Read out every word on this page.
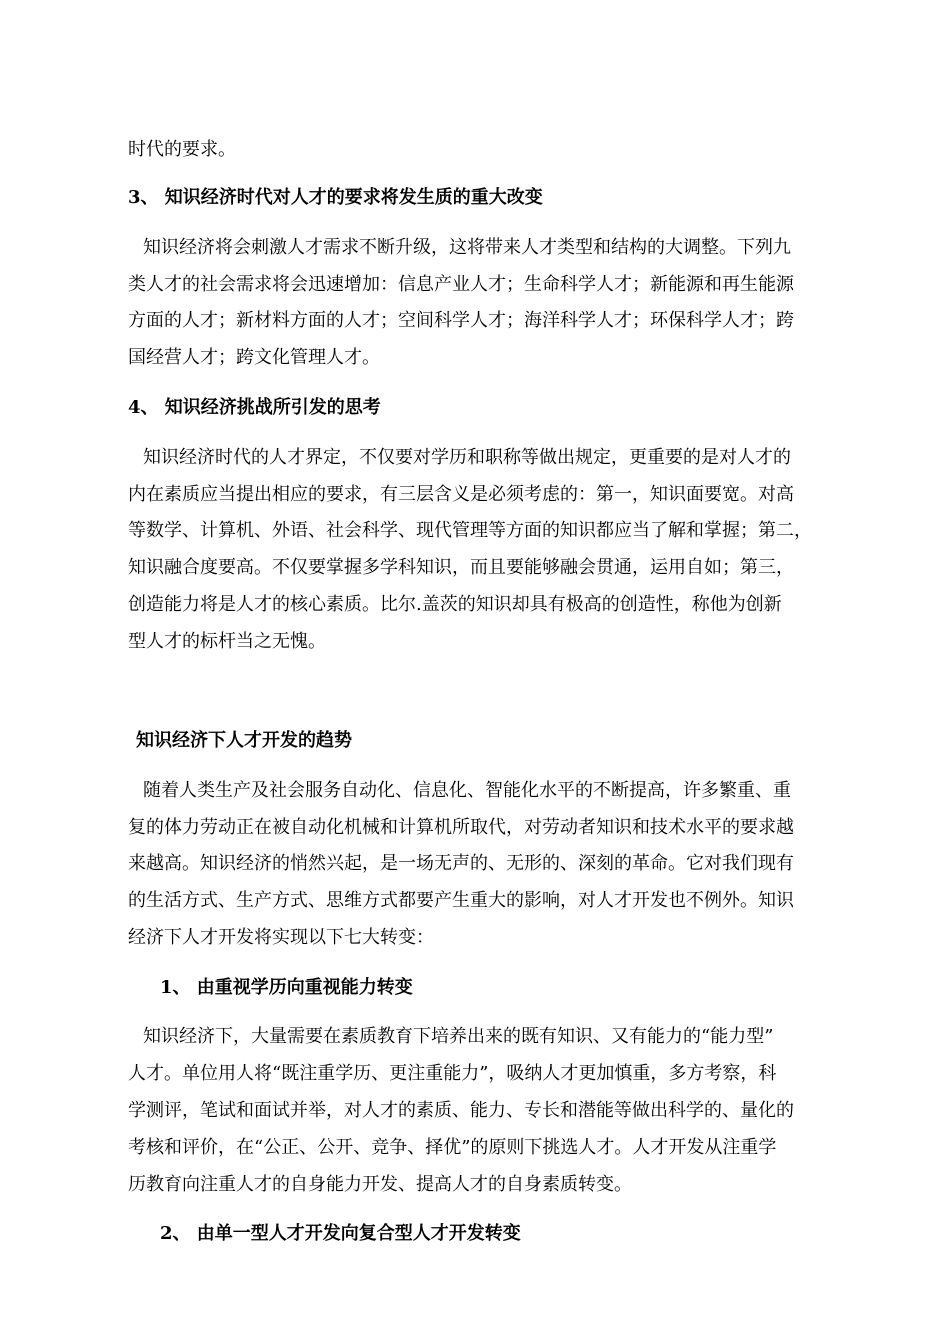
时代的要求。

3、 知识经济时代对人才的要求将发生质的重大改变

知识经济将会刺激人才需求不断升级，这将带来人才类型和结构的大调整。下列九

类人才的社会需求将会迅速增加：信息产业人才；生命科学人才；新能源和再生能源

方面的人才；新材料方面的人才；空间科学人才；海洋科学人才；环保科学人才；跨

国经营人才；跨文化管理人才。

4、 知识经济挑战所引发的思考

知识经济时代的人才界定，不仅要对学历和职称等做出规定，更重要的是对人才的

内在素质应当提出相应的要求，有三层含义是必须考虑的：第一，知识面要宽。对高

等数学、计算机、外语、社会科学、现代管理等方面的知识都应当了解和掌握；第二，

知识融合度要高。不仅要掌握多学科知识，而且要能够融会贯通，运用自如；第三，

创造能力将是人才的核心素质。比尔.盖茨的知识却具有极高的创造性，称他为创新

型人才的标杆当之无愧。

知识经济下人才开发的趋势

随着人类生产及社会服务自动化、信息化、智能化水平的不断提高，许多繁重、重

复的体力劳动正在被自动化机械和计算机所取代，对劳动者知识和技术水平的要求越

来越高。知识经济的悄然兴起，是一场无声的、无形的、深刻的革命。它对我们现有

的生活方式、生产方式、思维方式都要产生重大的影响，对人才开发也不例外。知识

经济下人才开发将实现以下七大转变：

1、 由重视学历向重视能力转变

知识经济下，大量需要在素质教育下培养出来的既有知识、又有能力的“能力型”

人才。单位用人将“既注重学历、更注重能力”，吸纳人才更加慎重，多方考察，科

学测评，笔试和面试并举，对人才的素质、能力、专长和潜能等做出科学的、量化的

考核和评价，在“公正、公开、竞争、择优”的原则下挑选人才。人才开发从注重学

历教育向注重人才的自身能力开发、提高人才的自身素质转变。

2、 由单一型人才开发向复合型人才开发转变
